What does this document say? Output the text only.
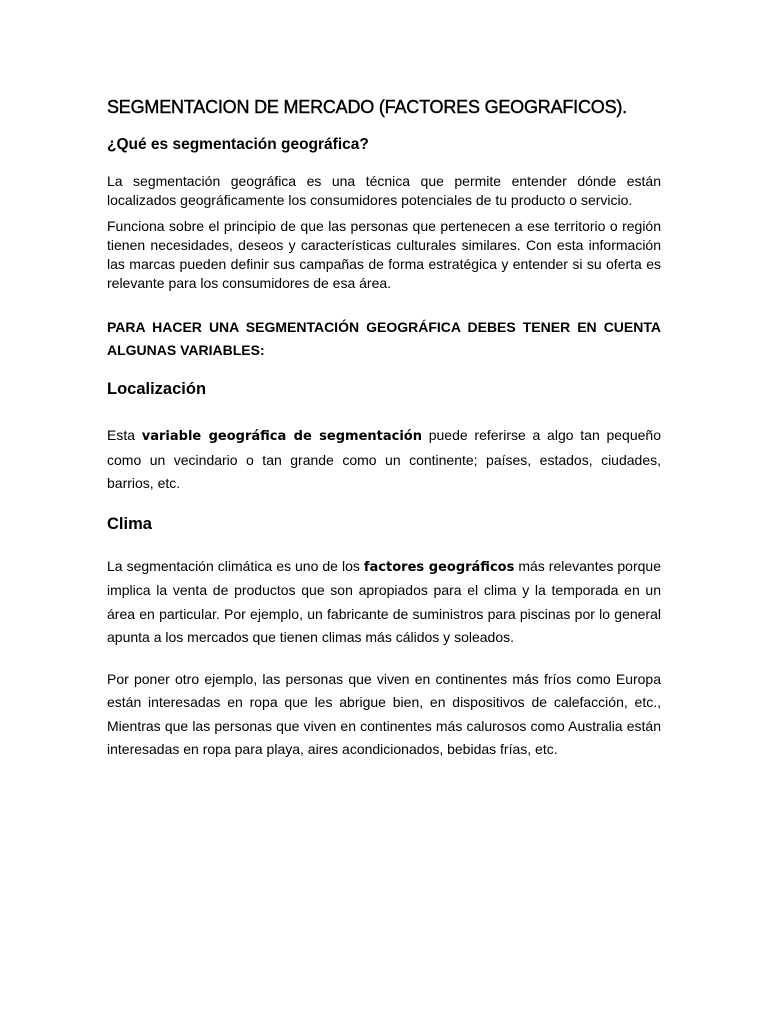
SEGMENTACION DE MERCADO (FACTORES GEOGRAFICOS).
¿Qué es segmentación geográfica?

La segmentación geográfica es una técnica que permite entender dónde están localizados geográficamente los consumidores potenciales de tu producto o servicio.

Funciona sobre el principio de que las personas que pertenecen a ese territorio o región tienen necesidades, deseos y características culturales similares. Con esta información las marcas pueden definir sus campañas de forma estratégica y entender si su oferta es relevante para los consumidores de esa área.

PARA HACER UNA SEGMENTACIÓN GEOGRÁFICA DEBES TENER EN CUENTA ALGUNAS VARIABLES:
Localización

Esta variable geográfica de segmentación puede referirse a algo tan pequeño como un vecindario o tan grande como un continente; países, estados, ciudades, barrios, etc.

Clima

La segmentación climática es uno de los factores geográficos más relevantes porque implica la venta de productos que son apropiados para el clima y la temporada en un área en particular. Por ejemplo, un fabricante de suministros para piscinas por lo general apunta a los mercados que tienen climas más cálidos y soleados.

Por poner otro ejemplo, las personas que viven en continentes más fríos como Europa están interesadas en ropa que les abrigue bien, en dispositivos de calefacción, etc., Mientras que las personas que viven en continentes más calurosos como Australia están interesadas en ropa para playa, aires acondicionados, bebidas frías, etc.
